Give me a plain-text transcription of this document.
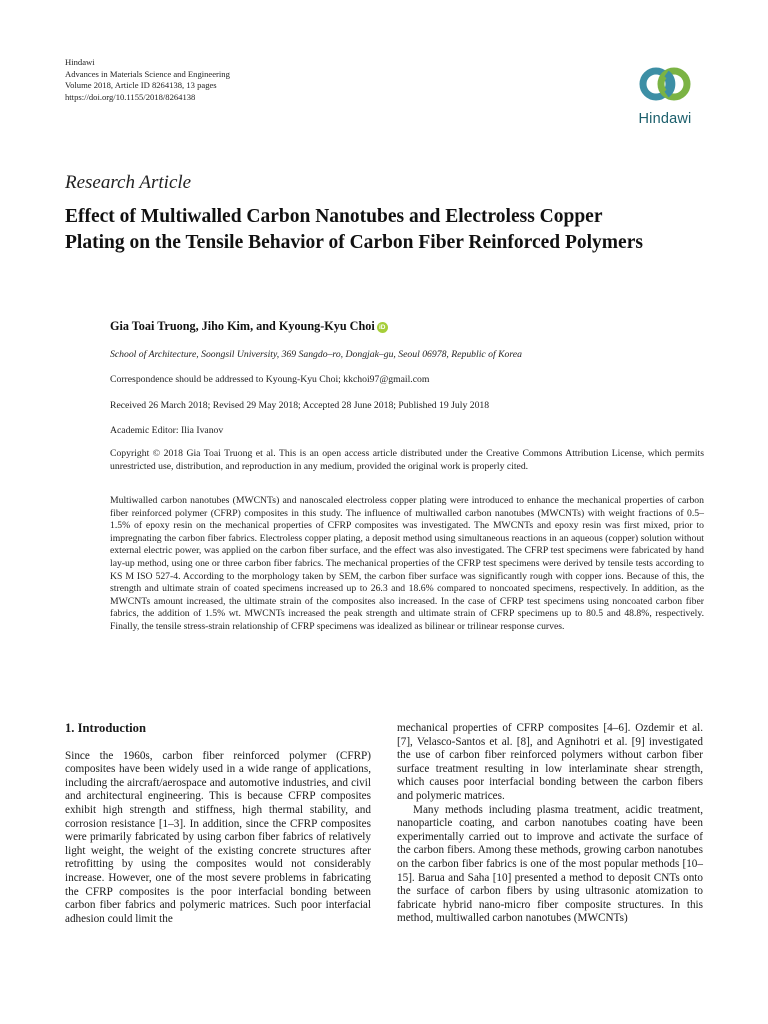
Hindawi
Advances in Materials Science and Engineering
Volume 2018, Article ID 8264138, 13 pages
https://doi.org/10.1155/2018/8264138
Hindawi
Research Article
Effect of Multiwalled Carbon Nanotubes and Electroless Copper Plating on the Tensile Behavior of Carbon Fiber Reinforced Polymers
Gia Toai Truong, Jiho Kim, and Kyoung-Kyu Choi iD
School of Architecture, Soongsil University, 369 Sangdo–ro, Dongjak–gu, Seoul 06978, Republic of Korea
Correspondence should be addressed to Kyoung-Kyu Choi; kkchoi97@gmail.com
Received 26 March 2018; Revised 29 May 2018; Accepted 28 June 2018; Published 19 July 2018
Academic Editor: Ilia Ivanov
Copyright © 2018 Gia Toai Truong et al. This is an open access article distributed under the Creative Commons Attribution License, which permits unrestricted use, distribution, and reproduction in any medium, provided the original work is properly cited.
Multiwalled carbon nanotubes (MWCNTs) and nanoscaled electroless copper plating were introduced to enhance the mechanical properties of carbon fiber reinforced polymer (CFRP) composites in this study. The influence of multiwalled carbon nanotubes (MWCNTs) with weight fractions of 0.5–1.5% of epoxy resin on the mechanical properties of CFRP composites was investigated. The MWCNTs and epoxy resin was first mixed, prior to impregnating the carbon fiber fabrics. Electroless copper plating, a deposit method using simultaneous reactions in an aqueous (copper) solution without external electric power, was applied on the carbon fiber surface, and the effect was also investigated. The CFRP test specimens were fabricated by hand lay-up method, using one or three carbon fiber fabrics. The mechanical properties of the CFRP test specimens were derived by tensile tests according to KS M ISO 527-4. According to the morphology taken by SEM, the carbon fiber surface was significantly rough with copper ions. Because of this, the strength and ultimate strain of coated specimens increased up to 26.3 and 18.6% compared to noncoated specimens, respectively. In addition, as the MWCNTs amount increased, the ultimate strain of the composites also increased. In the case of CFRP test specimens using noncoated carbon fiber fabrics, the addition of 1.5% wt. MWCNTs increased the peak strength and ultimate strain of CFRP specimens up to 80.5 and 48.8%, respectively. Finally, the tensile stress-strain relationship of CFRP specimens was idealized as bilinear or trilinear response curves.
1. Introduction

Since the 1960s, carbon fiber reinforced polymer (CFRP) composites have been widely used in a wide range of applications, including the aircraft/aerospace and automotive industries, and civil and architectural engineering. This is because CFRP composites exhibit high strength and stiffness, high thermal stability, and corrosion resistance [1–3]. In addition, since the CFRP composites were primarily fabricated by using carbon fiber fabrics of relatively light weight, the weight of the existing concrete structures after retrofitting by using the composites would not considerably increase. However, one of the most severe problems in fabricating the CFRP composites is the poor interfacial bonding between carbon fiber fabrics and polymeric matrices. Such poor interfacial adhesion could limit the

mechanical properties of CFRP composites [4–6]. Ozdemir et al. [7], Velasco-Santos et al. [8], and Agnihotri et al. [9] investigated the use of carbon fiber reinforced polymers without carbon fiber surface treatment resulting in low interlaminate shear strength, which causes poor interfacial bonding between the carbon fibers and polymeric matrices.

Many methods including plasma treatment, acidic treatment, nanoparticle coating, and carbon nanotubes coating have been experimentally carried out to improve and activate the surface of the carbon fibers. Among these methods, growing carbon nanotubes on the carbon fiber fabrics is one of the most popular methods [10–15]. Barua and Saha [10] presented a method to deposit CNTs onto the surface of carbon fibers by using ultrasonic atomization to fabricate hybrid nano-micro fiber composite structures. In this method, multiwalled carbon nanotubes (MWCNTs)
